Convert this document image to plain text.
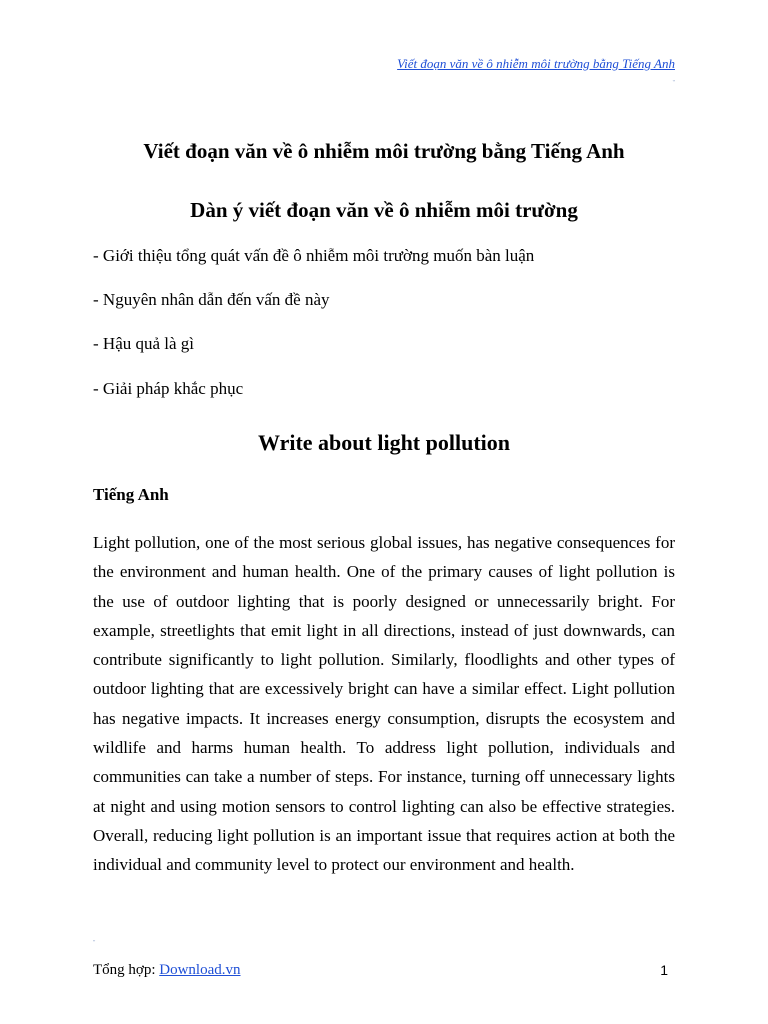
Viết đoạn văn về ô nhiễm môi trường bằng Tiếng Anh
"
Viết đoạn văn về ô nhiễm môi trường bằng Tiếng Anh
Dàn ý viết đoạn văn về ô nhiễm môi trường
- Giới thiệu tổng quát vấn đề ô nhiễm môi trường muốn bàn luận
- Nguyên nhân dẫn đến vấn đề này
- Hậu quả là gì
- Giải pháp khắc phục
Write about light pollution
Tiếng Anh

Light pollution, one of the most serious global issues, has negative consequences for the environment and human health. One of the primary causes of light pollution is the use of outdoor lighting that is poorly designed or unnecessarily bright. For example, streetlights that emit light in all directions, instead of just downwards, can contribute significantly to light pollution. Similarly, floodlights and other types of outdoor lighting that are excessively bright can have a similar effect. Light pollution has negative impacts. It increases energy consumption, disrupts the ecosystem and wildlife and harms human health. To address light pollution, individuals and communities can take a number of steps. For instance, turning off unnecessary lights at night and using motion sensors to control lighting can also be effective strategies. Overall, reducing light pollution is an important issue that requires action at both the individual and community level to protect our environment and health.

"
Tổng hợp: Download.vn	1
